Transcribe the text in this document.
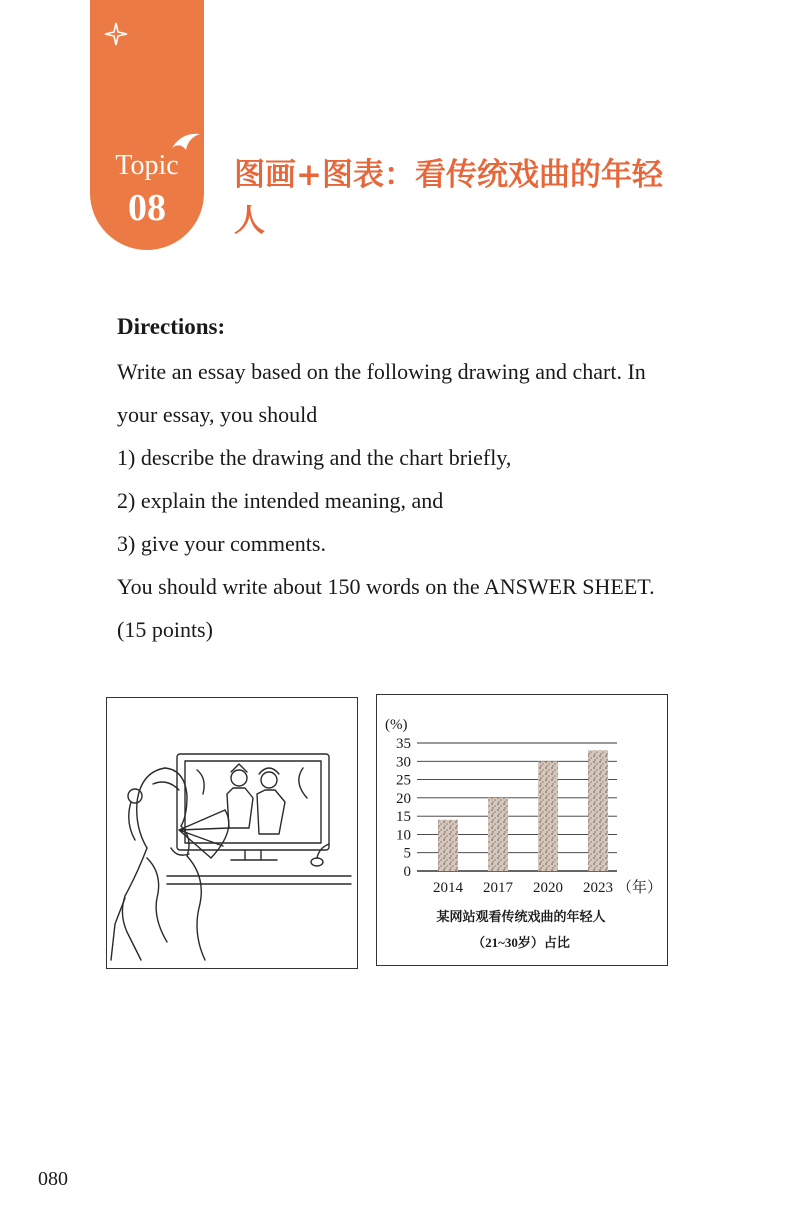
Topic
08
图画+图表：看传统戏曲的年轻人
Directions:

Write an essay based on the following drawing and chart. In your essay, you should

1) describe the drawing and the chart briefly,

2) explain the intended meaning, and

3) give your comments.

You should write about 150 words on the ANSWER SHEET. (15 points)

(%)
0
5
10
15
20
25
30
35
2014 2017 2020 2023 （年）
某网站观看传统戏曲的年轻人
（21~30岁）占比
080
